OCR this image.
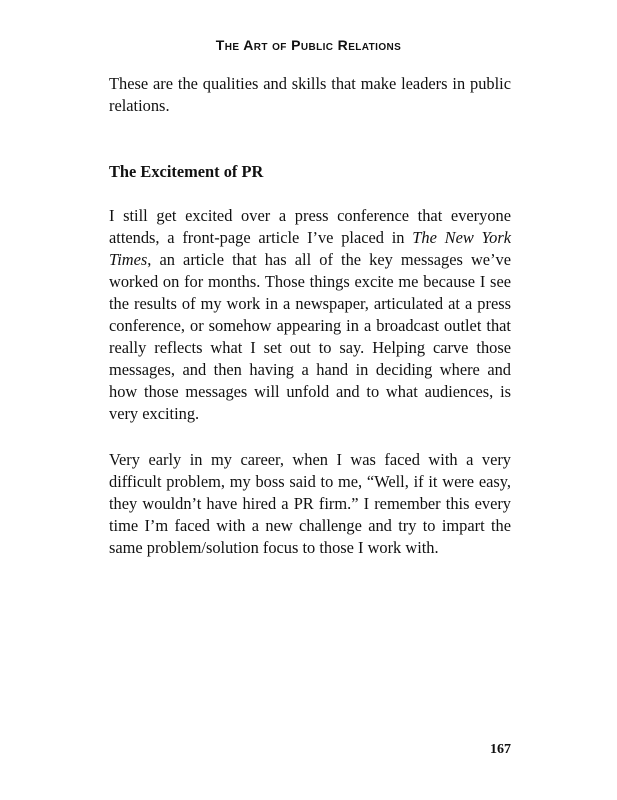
The Art of Public Relations

These are the qualities and skills that make leaders in public relations.

The Excitement of PR

I still get excited over a press conference that everyone attends, a front-page article I’ve placed in The New York Times, an article that has all of the key messages we’ve worked on for months. Those things excite me because I see the results of my work in a newspaper, articulated at a press conference, or somehow appearing in a broadcast outlet that really reflects what I set out to say. Helping carve those messages, and then having a hand in deciding where and how those messages will unfold and to what audiences, is very exciting.

Very early in my career, when I was faced with a very difficult problem, my boss said to me, “Well, if it were easy, they wouldn’t have hired a PR firm.” I remember this every time I’m faced with a new challenge and try to impart the same problem/solution focus to those I work with.

167
